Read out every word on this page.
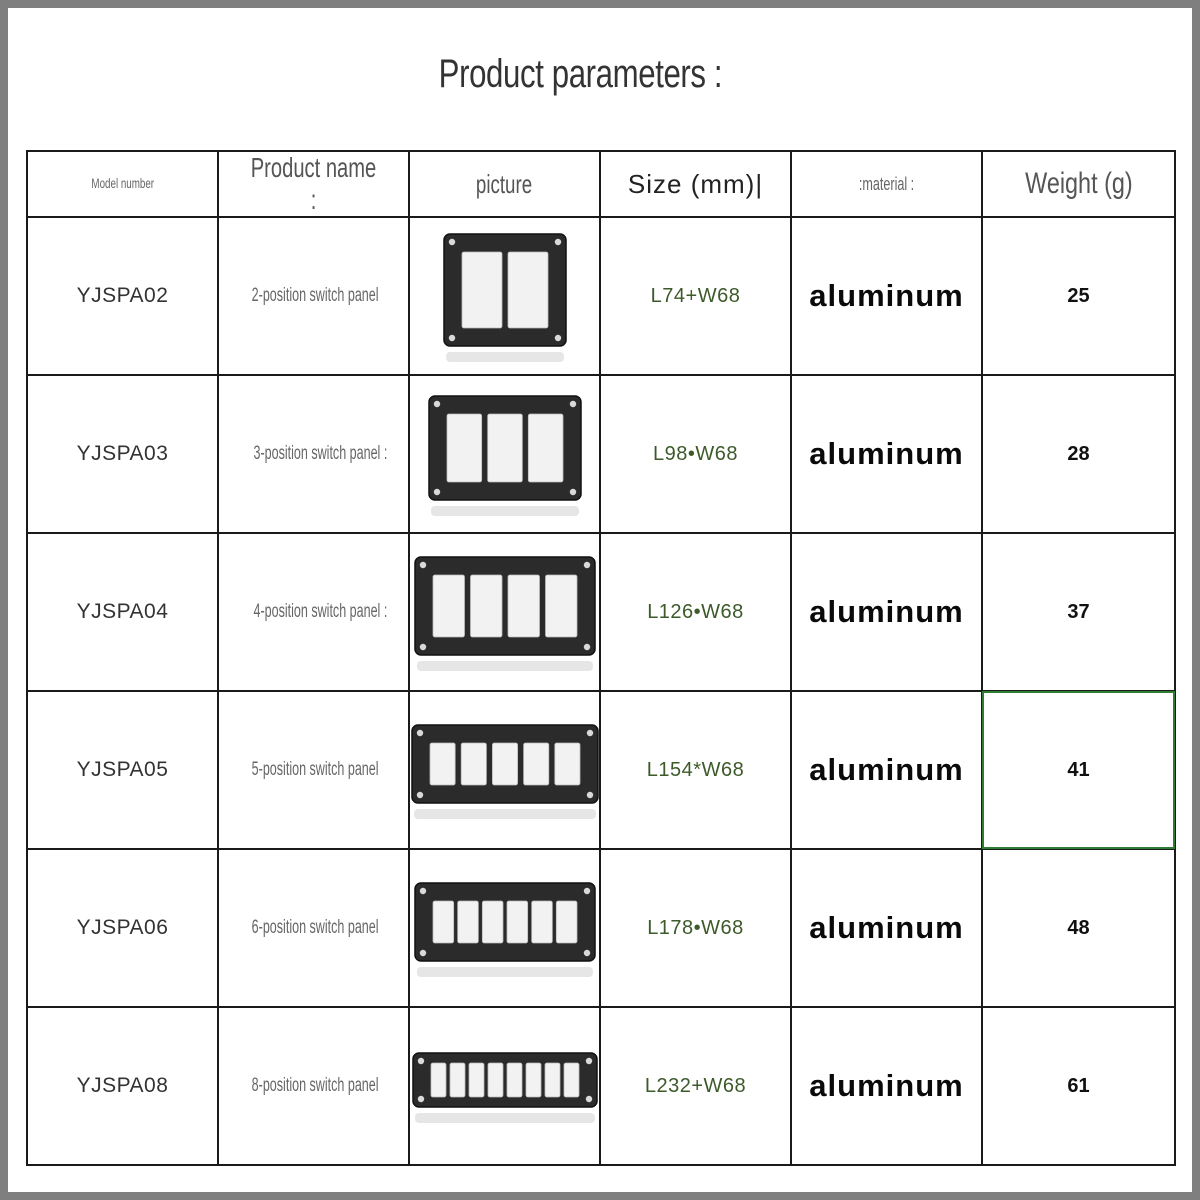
Product parameters :
Model number	Product name :	picture	Size (mm)|	:material :	Weight (g)
YJSPA02	2-position switch panel		L74+W68	aluminum	25
YJSPA03	3-position switch panel :		L98•W68	aluminum	28
YJSPA04	4-position switch panel :		L126•W68	aluminum	37
YJSPA05	5-position switch panel		L154*W68	aluminum	41
YJSPA06	6-position switch panel		L178•W68	aluminum	48
YJSPA08	8-position switch panel		L232+W68	aluminum	61
